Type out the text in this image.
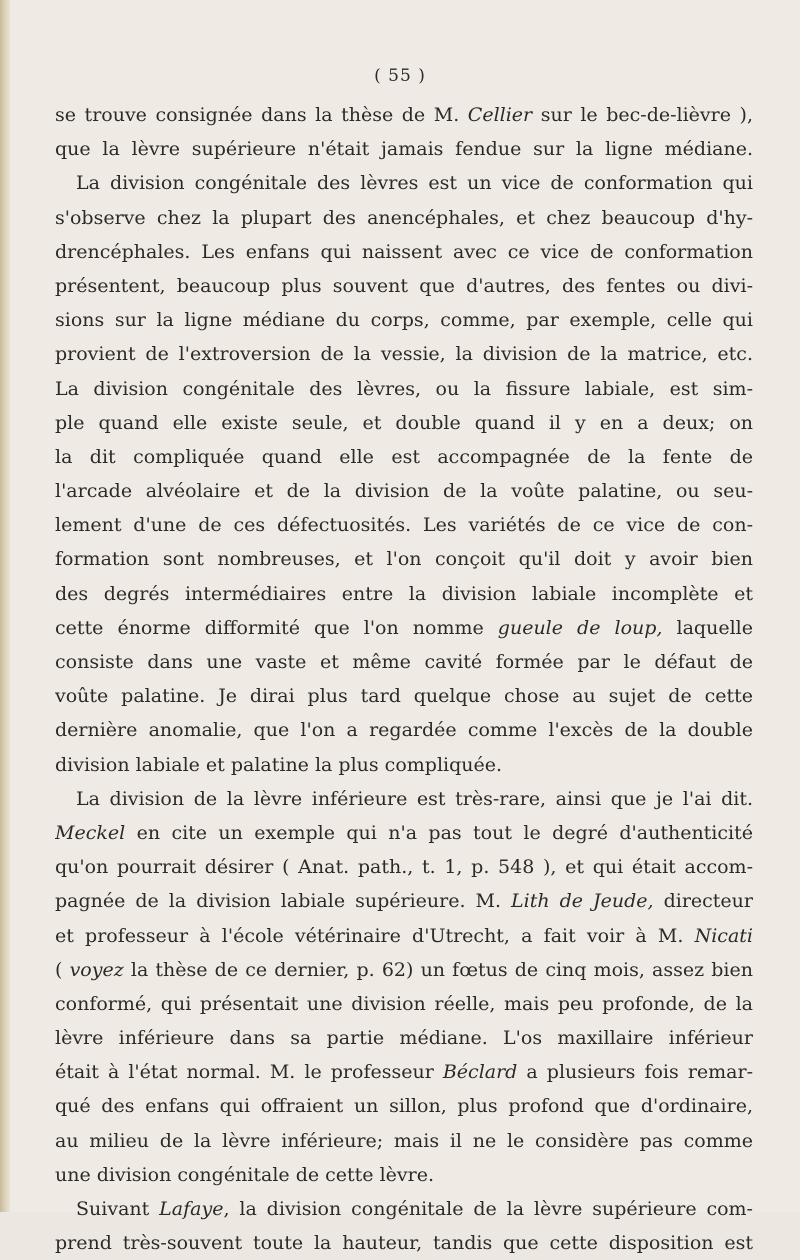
( 55 )
se trouve consignée dans la thèse de M. Cellier sur le bec-de-lièvre ),
que la lèvre supérieure n'était jamais fendue sur la ligne médiane.
La division congénitale des lèvres est un vice de conformation qui
s'observe chez la plupart des anencéphales, et chez beaucoup d'hy-
drencéphales. Les enfans qui naissent avec ce vice de conformation
présentent, beaucoup plus souvent que d'autres, des fentes ou divi-
sions sur la ligne médiane du corps, comme, par exemple, celle qui
provient de l'extroversion de la vessie, la division de la matrice, etc.
La division congénitale des lèvres, ou la fissure labiale, est sim-
ple quand elle existe seule, et double quand il y en a deux; on
la dit compliquée quand elle est accompagnée de la fente de
l'arcade alvéolaire et de la division de la voûte palatine, ou seu-
lement d'une de ces défectuosités. Les variétés de ce vice de con-
formation sont nombreuses, et l'on conçoit qu'il doit y avoir bien
des degrés intermédiaires entre la division labiale incomplète et
cette énorme difformité que l'on nomme gueule de loup, laquelle
consiste dans une vaste et même cavité formée par le défaut de
voûte palatine. Je dirai plus tard quelque chose au sujet de cette
dernière anomalie, que l'on a regardée comme l'excès de la double
division labiale et palatine la plus compliquée.
La division de la lèvre inférieure est très-rare, ainsi que je l'ai dit.
Meckel en cite un exemple qui n'a pas tout le degré d'authenticité
qu'on pourrait désirer ( Anat. path., t. 1, p. 548 ), et qui était accom-
pagnée de la division labiale supérieure. M. Lith de Jeude, directeur
et professeur à l'école vétérinaire d'Utrecht, a fait voir à M. Nicati
( voyez la thèse de ce dernier, p. 62) un fœtus de cinq mois, assez bien
conformé, qui présentait une division réelle, mais peu profonde, de la
lèvre inférieure dans sa partie médiane. L'os maxillaire inférieur
était à l'état normal. M. le professeur Béclard a plusieurs fois remar-
qué des enfans qui offraient un sillon, plus profond que d'ordinaire,
au milieu de la lèvre inférieure; mais il ne le considère pas comme
une division congénitale de cette lèvre.
Suivant Lafaye, la division congénitale de la lèvre supérieure com-
prend très-souvent toute la hauteur, tandis que cette disposition est
